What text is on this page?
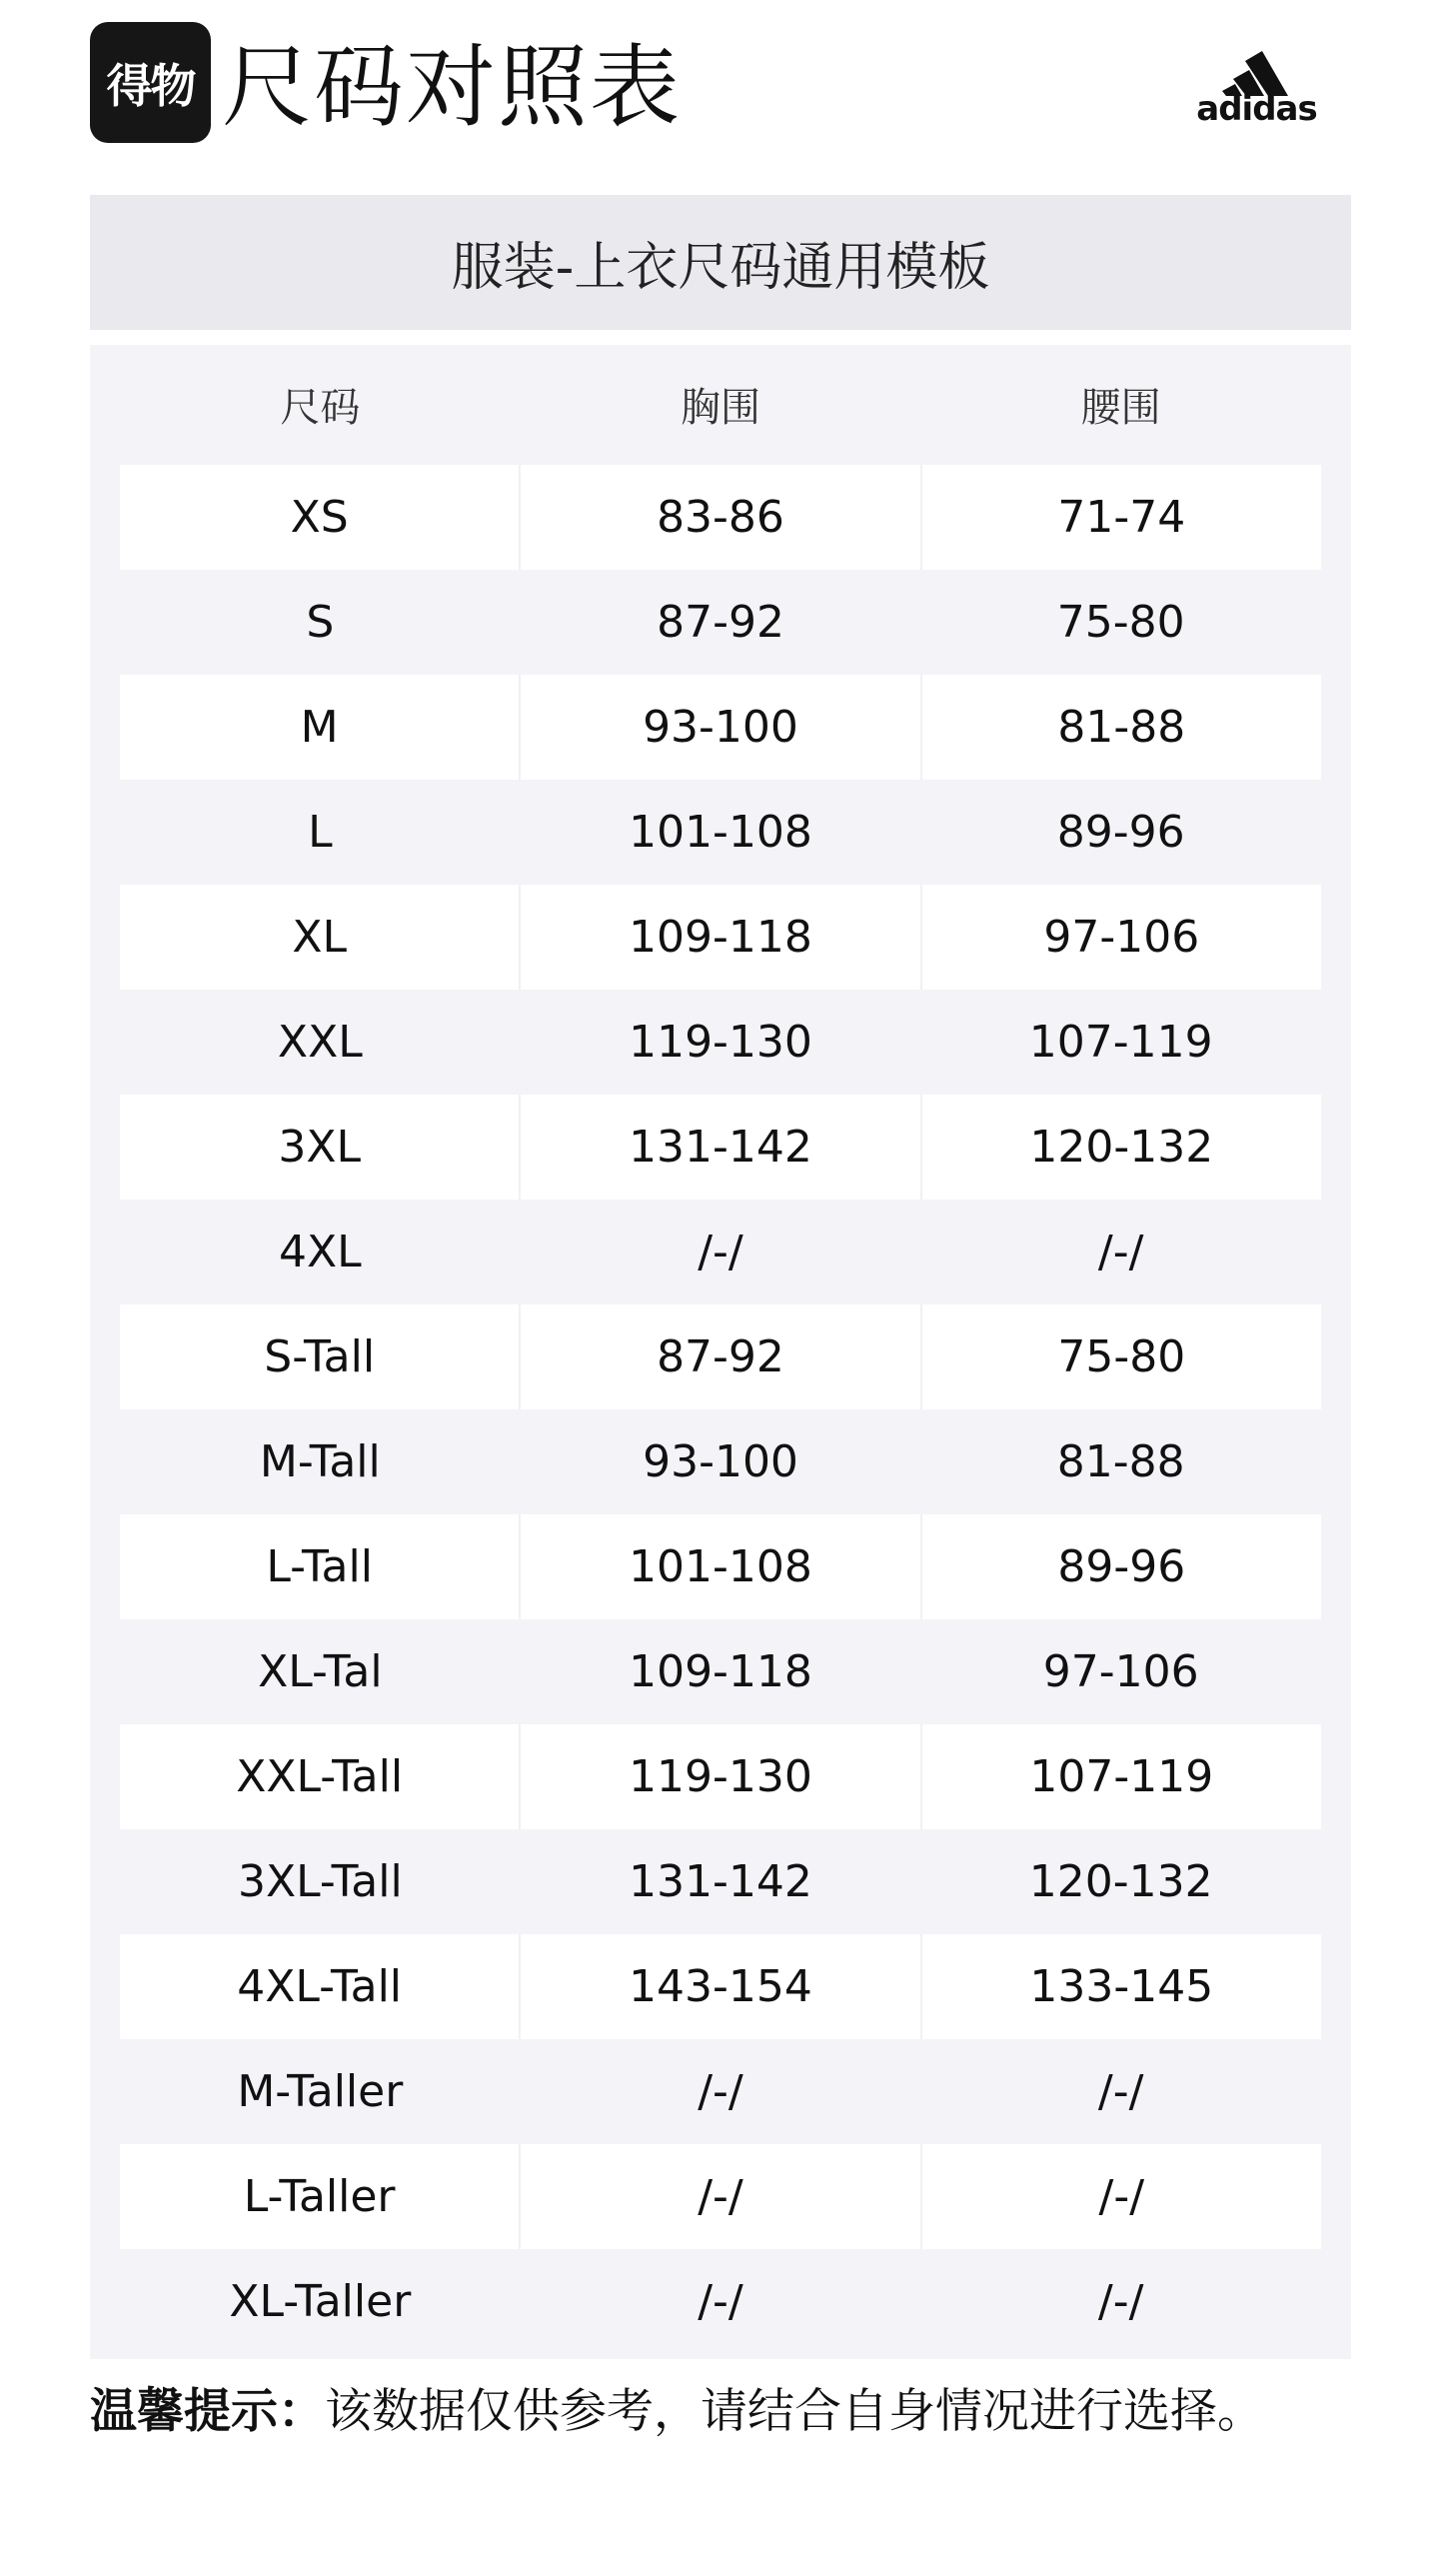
得物 尺码对照表	adidas
服装-上衣尺码通用模板
尺码	胸围	腰围
XS	83-86	71-74
S	87-92	75-80
M	93-100	81-88
L	101-108	89-96
XL	109-118	97-106
XXL	119-130	107-119
3XL	131-142	120-132
4XL	/-/	/-/
S-Tall	87-92	75-80
M-Tall	93-100	81-88
L-Tall	101-108	89-96
XL-Tal	109-118	97-106
XXL-Tall	119-130	107-119
3XL-Tall	131-142	120-132
4XL-Tall	143-154	133-145
M-Taller	/-/	/-/
L-Taller	/-/	/-/
XL-Taller	/-/	/-/
温馨提示：该数据仅供参考，请结合自身情况进行选择。
